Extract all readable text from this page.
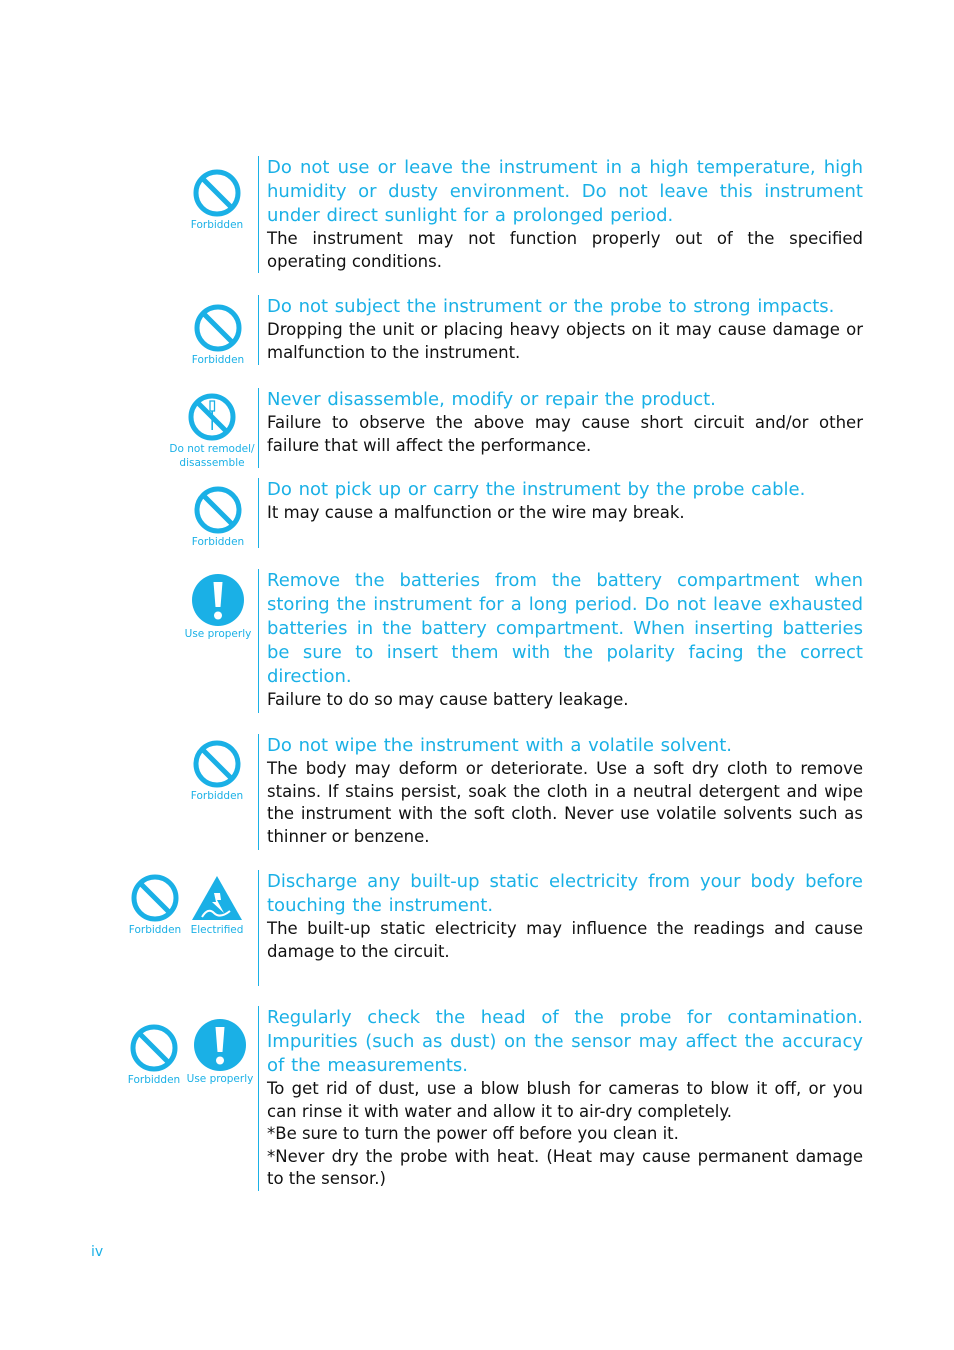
Forbidden

Do not use or leave the instrument in a high temperature, high humidity or dusty environment. Do not leave this instrument under direct sunlight for a prolonged period.

The instrument may not function properly out of the specified operating conditions.

Forbidden

Do not subject the instrument or the probe to strong impacts.

Dropping the unit or placing heavy objects on it may cause damage or malfunction to the instrument.

Do not remodel/
disassemble

Never disassemble, modify or repair the product.

Failure to observe the above may cause short circuit and/or other failure that will affect the performance.

Forbidden

Do not pick up or carry the instrument by the probe cable.

It may cause a malfunction or the wire may break.

Use properly

Remove the batteries from the battery compartment when storing the instrument for a long period. Do not leave exhausted batteries in the battery compartment. When inserting batteries be sure to insert them with the polarity facing the correct direction.

Failure to do so may cause battery leakage.

Forbidden

Do not wipe the instrument with a volatile solvent.

The body may deform or deteriorate. Use a soft dry cloth to remove stains. If stains persist, soak the cloth in a neutral detergent and wipe the instrument with the soft cloth. Never use volatile solvents such as thinner or benzene.

Forbidden Electrified

Discharge any built-up static electricity from your body before touching the instrument.

The built-up static electricity may influence the readings and cause damage to the circuit.

Forbidden Use properly

Regularly check the head of the probe for contamination. Impurities (such as dust) on the sensor may affect the accuracy of the measurements.

To get rid of dust, use a blow blush for cameras to blow it off, or you can rinse it with water and allow it to air-dry completely.

*Be sure to turn the power off before you clean it.

*Never dry the probe with heat. (Heat may cause permanent damage to the sensor.)

iv
